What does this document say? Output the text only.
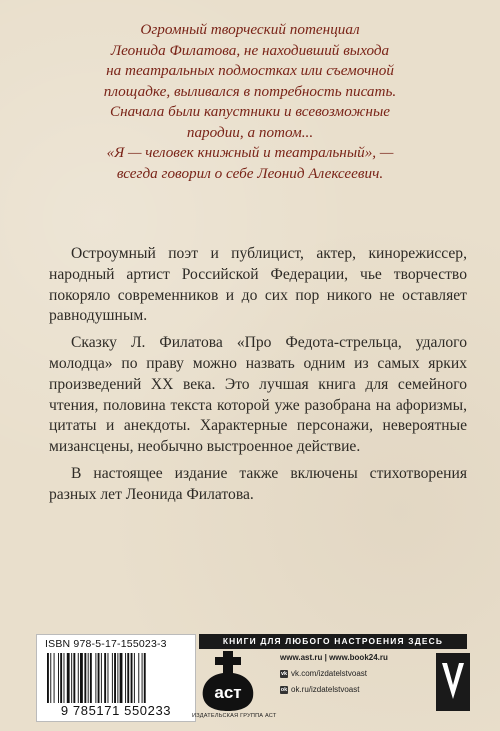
Огромный творческий потенциал
Леонида Филатова, не находивший выхода
на театральных подмостках или съемочной
площадке, выливался в потребность писать.
Сначала были капустники и всевозможные
пародии, а потом...
«Я — человек книжный и театральный», —
всегда говорил о себе Леонид Алексеевич.

Остроумный поэт и публицист, актер, кинорежиссер, народный артист Российской Федерации, чье творчество покоряло современников и до сих пор никого не оставляет равнодушным.

Сказку Л. Филатова «Про Федота-стрельца, удалого молодца» по праву можно назвать одним из самых ярких произведений XX века. Это лучшая книга для семейного чтения, половина текста которой уже разобрана на афоризмы, цитаты и анекдоты. Характерные персонажи, невероятные мизансцены, необычно выстроенное действие.

В настоящее издание также включены стихотворения разных лет Леонида Филатова.

ISBN 978-5-17-155023-3
9 785171 550233
КНИГИ ДЛЯ ЛЮБОГО НАСТРОЕНИЯ ЗДЕСЬ
аст
ИЗДАТЕЛЬСКАЯ ГРУППА АСТ
www.ast.ru | www.book24.ru
vk vk.com/izdatelstvoast
ok ok.ru/izdatelstvoast
